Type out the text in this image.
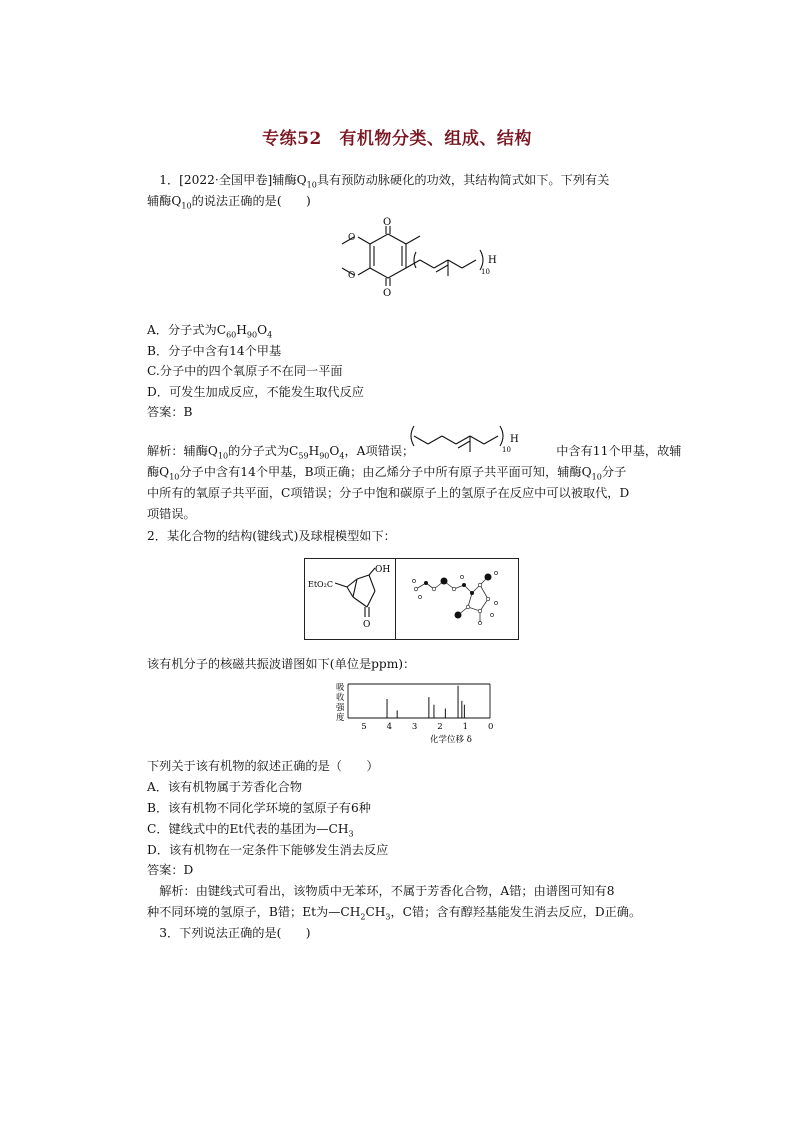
专练52　有机物分类、组成、结构
　1．[2022·全国甲卷]辅酶$Q_{10}$具有预防动脉硬化的功效，其结构简式如下。下列有关
辅酶$Q_{10}$的说法正确的是(　　)
O
O
O
O	10
H
A．分子式为$C_{60}H_{90}O_4$
B．分子中含有14个甲基
C.分子中的四个氧原子不在同一平面
D．可发生加成反应，不能发生取代反应
答案：B
解析：辅酶$Q_{10}$的分子式为$C_{59}H_{90}O_4$，A项错误；	中含有11个甲基，故辅
10
H
酶$Q_{10}$分子中含有14个甲基，B项正确；由乙烯分子中所有原子共平面可知，辅酶$Q_{10}$分子
中所有的氧原子共平面，C项错误；分子中饱和碳原子上的氢原子在反应中可以被取代，D
项错误。
2．某化合物的结构(键线式)及球棍模型如下：
OH
EtO₂C
O
该有机分子的核磁共振波谱图如下(单位是ppm)：
吸
收
强
度
5 4 3 2 1 0
化学位移 δ
下列关于该有机物的叙述正确的是（　　）
A．该有机物属于芳香化合物
B．该有机物不同化学环境的氢原子有6种
C．键线式中的Et代表的基团为$—CH_3$
D．该有机物在一定条件下能够发生消去反应
答案：D
　解析：由键线式可看出，该物质中无苯环，不属于芳香化合物，A错；由谱图可知有8
种不同环境的氢原子，B错；Et为$—CH_2CH_3$，C错；含有醇羟基能发生消去反应，D正确。
　3．下列说法正确的是(　　)
